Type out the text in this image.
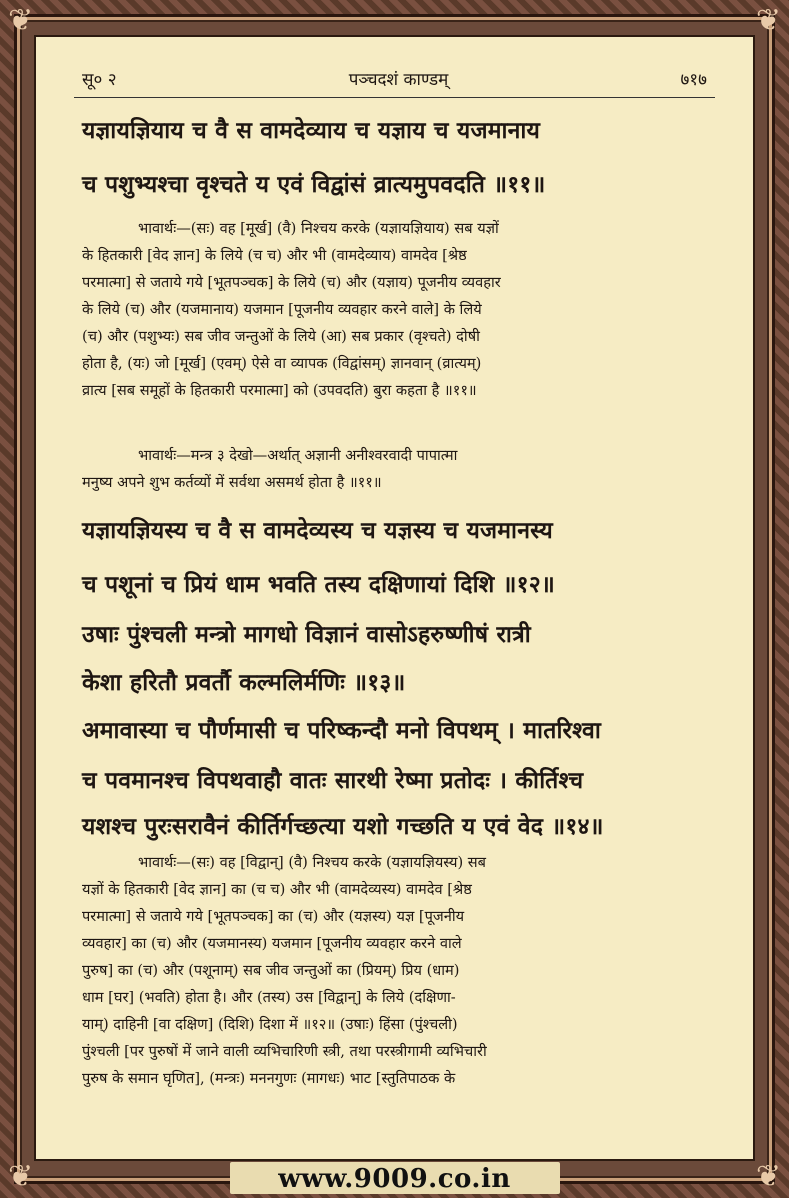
❦	❦
❦	❦
सू० २	पञ्चदशं काण्डम्	७१७
यज्ञायज्ञियाय च वै स वामदेव्याय च यज्ञाय च यजमानाय
च पशुभ्यश्चा वृश्चते य एवं विद्वांसं व्रात्यमुपवदति ॥११॥

भावार्थः—(सः) वह [मूर्ख] (वै) निश्चय करके (यज्ञायज्ञियाय) सब यज्ञों

के हितकारी [वेद ज्ञान] के लिये (च च) और भी (वामदेव्याय) वामदेव [श्रेष्ठ

परमात्मा] से जताये गये [भूतपञ्चक] के लिये (च) और (यज्ञाय) पूजनीय व्यवहार

के लिये (च) और (यजमानाय) यजमान [पूजनीय व्यवहार करने वाले] के लिये

(च) और (पशुभ्यः) सब जीव जन्तुओं के लिये (आ) सब प्रकार (वृश्चते) दोषी

होता है, (यः) जो [मूर्ख] (एवम्) ऐसे वा व्यापक (विद्वांसम्) ज्ञानवान् (व्रात्यम्)

व्रात्य [सब समूहों के हितकारी परमात्मा] को (उपवदति) बुरा कहता है ॥११॥

भावार्थः—मन्त्र ३ देखो—अर्थात् अज्ञानी अनीश्वरवादी पापात्मा

मनुष्य अपने शुभ कर्तव्यों में सर्वथा असमर्थ होता है ॥११॥

यज्ञायज्ञियस्य च वै स वामदेव्यस्य च यज्ञस्य च यजमानस्य
च पशूनां च प्रियं धाम भवति तस्य दक्षिणायां दिशि ॥१२॥
उषाः पुंश्चली मन्त्रो मागधो विज्ञानं वासोऽहरुष्णीषं रात्री
केशा हरितौ प्रवर्तौ कल्मलिर्मणिः ॥१३॥
अमावास्या च पौर्णमासी च परिष्कन्दौ मनो विपथम् । मातरिश्वा
च पवमानश्च विपथवाहौ वातः सारथी रेष्मा प्रतोदः । कीर्तिश्च
यशश्च पुरःसरावैनं कीर्तिर्गच्छत्या यशो गच्छति य एवं वेद ॥१४॥

भावार्थः—(सः) वह [विद्वान्] (वै) निश्चय करके (यज्ञायज्ञियस्य) सब

यज्ञों के हितकारी [वेद ज्ञान] का (च च) और भी (वामदेव्यस्य) वामदेव [श्रेष्ठ

परमात्मा] से जताये गये [भूतपञ्चक] का (च) और (यज्ञस्य) यज्ञ [पूजनीय

व्यवहार] का (च) और (यजमानस्य) यजमान [पूजनीय व्यवहार करने वाले

पुरुष] का (च) और (पशूनाम्) सब जीव जन्तुओं का (प्रियम्) प्रिय (धाम)

धाम [घर] (भवति) होता है। और (तस्य) उस [विद्वान्] के लिये (दक्षिणा-

याम्) दाहिनी [वा दक्षिण] (दिशि) दिशा में ॥१२॥ (उषाः) हिंसा (पुंश्चली)

पुंश्चली [पर पुरुषों में जाने वाली व्यभिचारिणी स्त्री, तथा परस्त्रीगामी व्यभिचारी

पुरुष के समान घृणित], (मन्त्रः) मननगुणः (मागधः) भाट [स्तुतिपाठक के

www.9009.co.in
